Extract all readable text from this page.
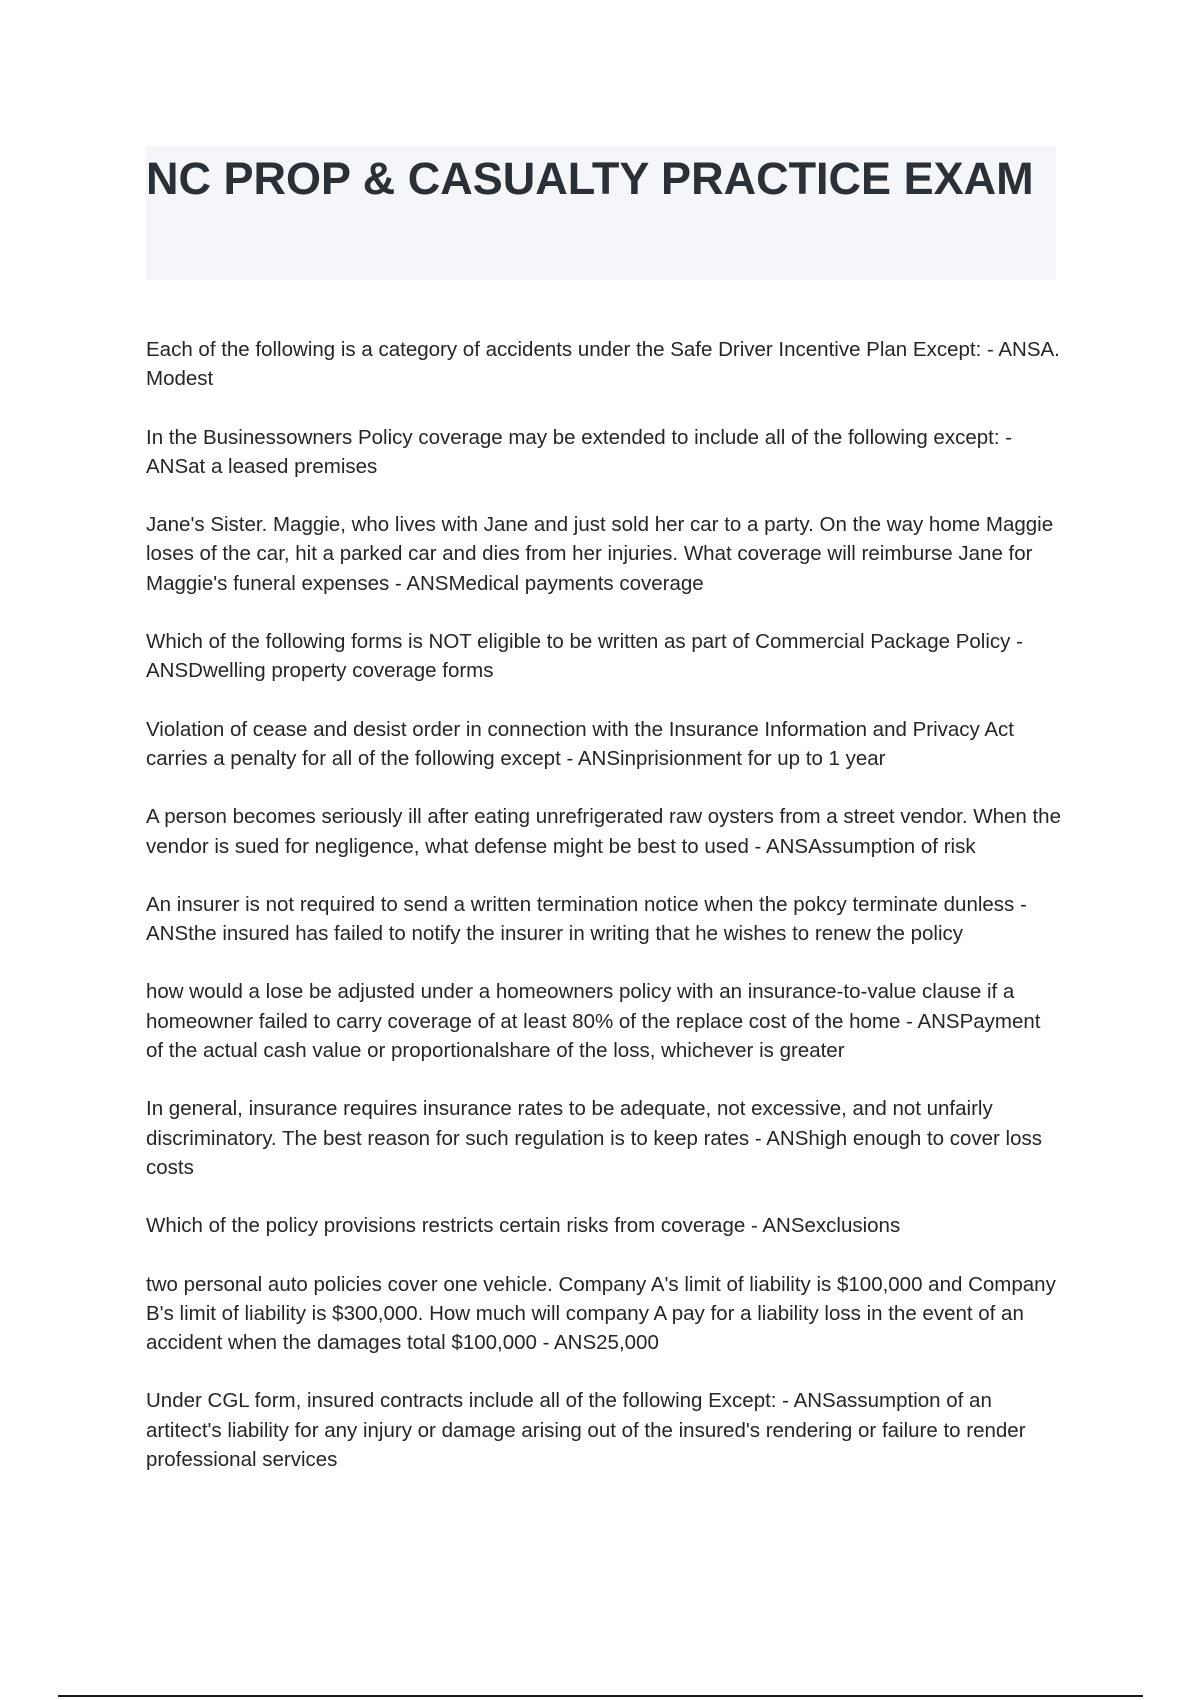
NC PROP & CASUALTY PRACTICE EXAM

Each of the following is a category of accidents under the Safe Driver Incentive Plan Except: - ANSA. Modest

In the Businessowners Policy coverage may be extended to include all of the following except: - ANSat a leased premises

Jane's Sister. Maggie, who lives with Jane and just sold her car to a party. On the way home Maggie loses of the car, hit a parked car and dies from her injuries. What coverage will reimburse Jane for Maggie's funeral expenses - ANSMedical payments coverage

Which of the following forms is NOT eligible to be written as part of Commercial Package Policy - ANSDwelling property coverage forms

Violation of cease and desist order in connection with the Insurance Information and Privacy Act carries a penalty for all of the following except - ANSinprisionment for up to 1 year

A person becomes seriously ill after eating unrefrigerated raw oysters from a street vendor. When the vendor is sued for negligence, what defense might be best to used - ANSAssumption of risk

An insurer is not required to send a written termination notice when the pokcy terminate dunless - ANSthe insured has failed to notify the insurer in writing that he wishes to renew the policy

how would a lose be adjusted under a homeowners policy with an insurance-to-value clause if a homeowner failed to carry coverage of at least 80% of the replace cost of the home - ANSPayment of the actual cash value or proportionalshare of the loss, whichever is greater

In general, insurance requires insurance rates to be adequate, not excessive, and not unfairly discriminatory. The best reason for such regulation is to keep rates - ANShigh enough to cover loss costs

Which of the policy provisions restricts certain risks from coverage - ANSexclusions

two personal auto policies cover one vehicle. Company A's limit of liability is $100,000 and Company B's limit of liability is $300,000. How much will company A pay for a liability loss in the event of an accident when the damages total $100,000 - ANS25,000

Under CGL form, insured contracts include all of the following Except: - ANSassumption of an artitect's liability for any injury or damage arising out of the insured's rendering or failure to render professional services
